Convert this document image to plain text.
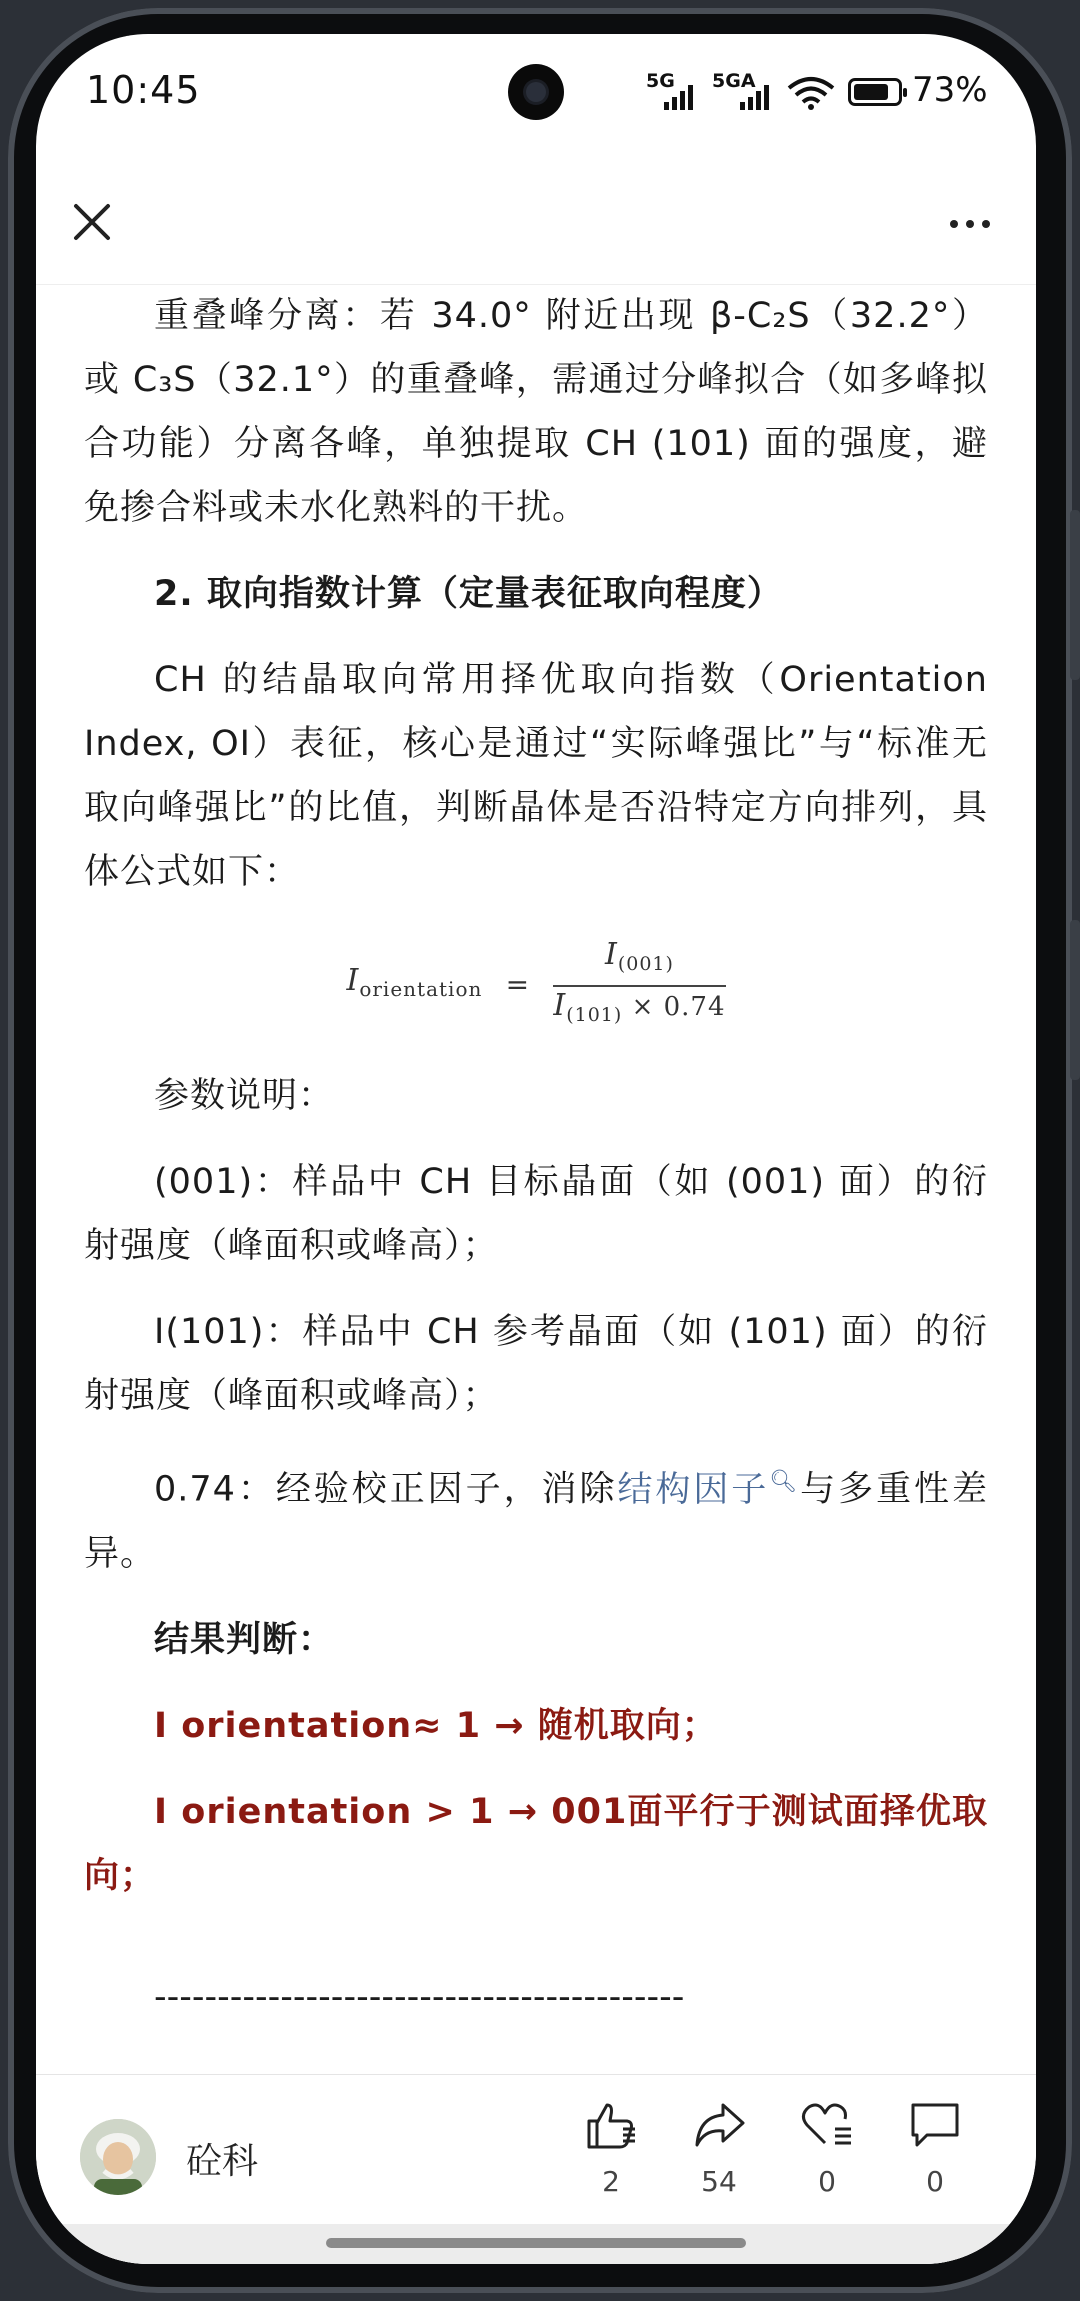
10:45	5G 5GA	73%

重叠峰分离：若 34.0° 附近出现 β-C₂S（32.2°）或 C₃S（32.1°）的重叠峰，需通过分峰拟合（如多峰拟合功能）分离各峰，单独提取 CH (101) 面的强度，避免掺合料或未水化熟料的干扰。

2. 取向指数计算（定量表征取向程度）

CH 的结晶取向常用择优取向指数（Orientation Index, OI）表征，核心是通过“实际峰强比”与“标准无取向峰强比”的比值，判断晶体是否沿特定方向排列，具体公式如下：

$I_{orientation} = \frac{I_{(001)}}{I_{(101)} \times 0.74}$

参数说明：

(001)：样品中 CH 目标晶面（如 (001) 面）的衍射强度（峰面积或峰高）；

I(101)：样品中 CH 参考晶面（如 (101) 面）的衍射强度（峰面积或峰高）；

0.74：经验校正因子，消除结构因子🔍︎与多重性差异。

结果判断：

I orientation≈ 1 → 随机取向；

I orientation > 1 → 001面平行于测试面择优取向；

------------------------------------------

砼科	2	54	0	0
